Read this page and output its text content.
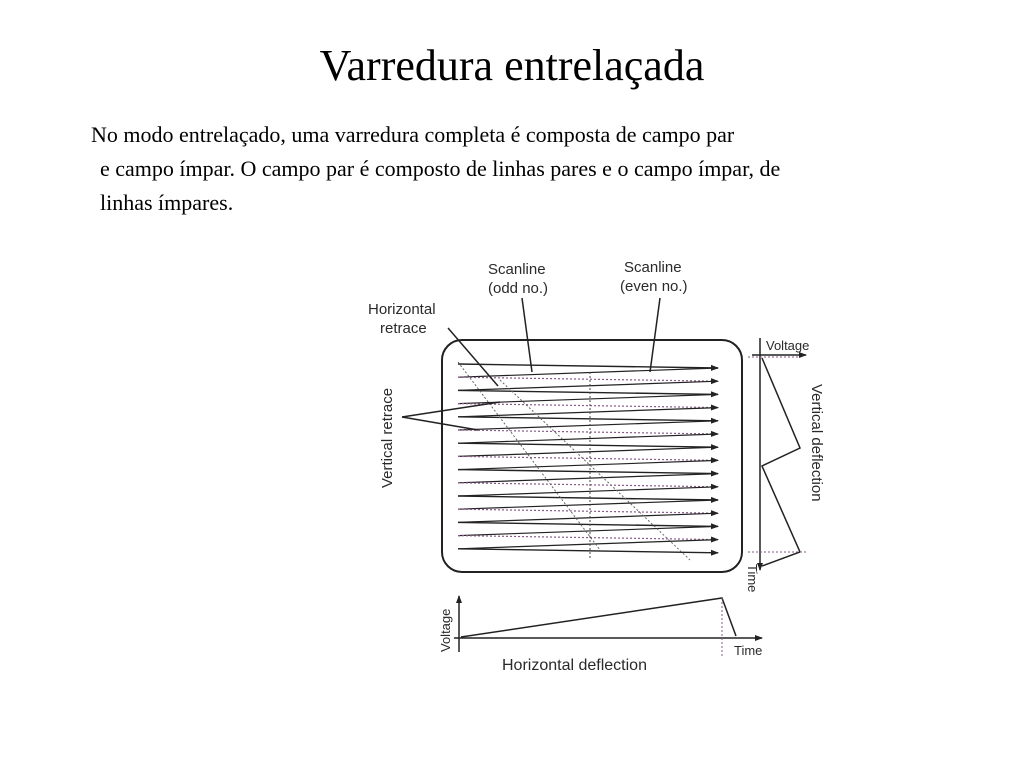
Varredura entrelaçada
No modo entrelaçado, uma varredura completa é composta de campo par
e campo ímpar. O campo par é composto de linhas pares e o campo ímpar, de
linhas ímpares.
Scanline
(odd no.)
Scanline
(even no.)
Horizontal
retrace
Vertical retrace
Voltage
Vertical deflection
Time
Voltage
Horizontal deflection
Time
